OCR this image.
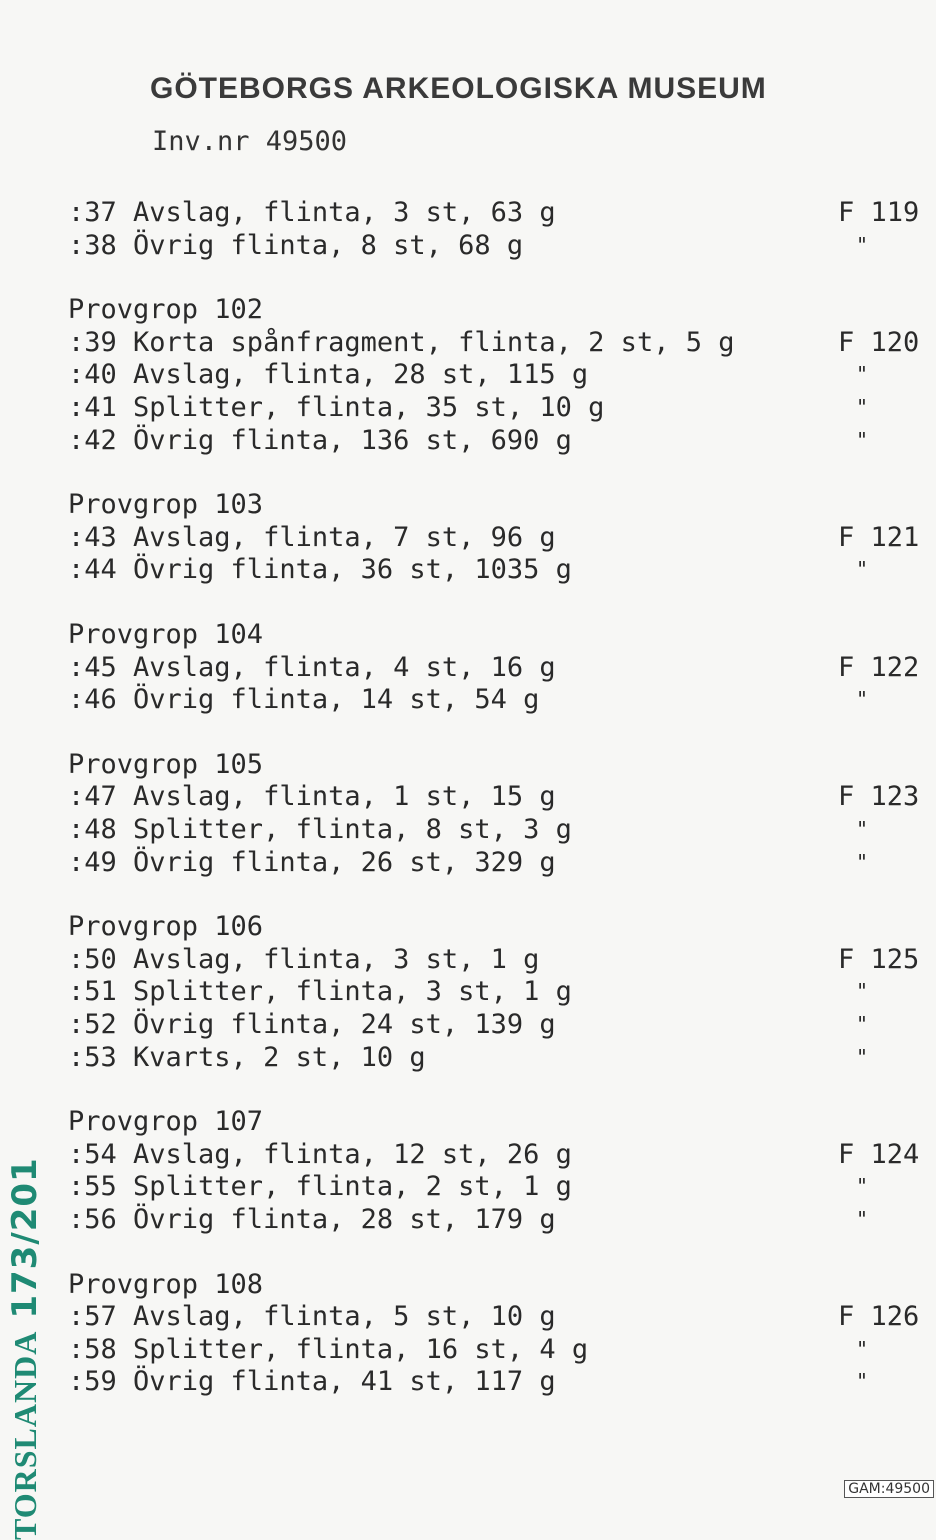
GÖTEBORGS ARKEOLOGISKA MUSEUM
Inv.nr 49500
:37 Avslag, flinta, 3 st, 63 g	F 119
:38 Övrig flinta, 8 st, 68 g	"
Provgrop 102
:39 Korta spånfragment, flinta, 2 st, 5 g	F 120
:40 Avslag, flinta, 28 st, 115 g	"
:41 Splitter, flinta, 35 st, 10 g	"
:42 Övrig flinta, 136 st, 690 g	"
Provgrop 103
:43 Avslag, flinta, 7 st, 96 g	F 121
:44 Övrig flinta, 36 st, 1035 g	"
Provgrop 104
:45 Avslag, flinta, 4 st, 16 g	F 122
:46 Övrig flinta, 14 st, 54 g	"
Provgrop 105
:47 Avslag, flinta, 1 st, 15 g	F 123
:48 Splitter, flinta, 8 st, 3 g	"
:49 Övrig flinta, 26 st, 329 g	"
Provgrop 106
:50 Avslag, flinta, 3 st, 1 g	F 125
:51 Splitter, flinta, 3 st, 1 g	"
:52 Övrig flinta, 24 st, 139 g	"
:53 Kvarts, 2 st, 10 g	"
Provgrop 107
:54 Avslag, flinta, 12 st, 26 g	F 124
:55 Splitter, flinta, 2 st, 1 g	"
:56 Övrig flinta, 28 st, 179 g	"
Provgrop 108
:57 Avslag, flinta, 5 st, 10 g	F 126
:58 Splitter, flinta, 16 st, 4 g	"
:59 Övrig flinta, 41 st, 117 g	"
TORSLANDA173/201
GAM:49500
